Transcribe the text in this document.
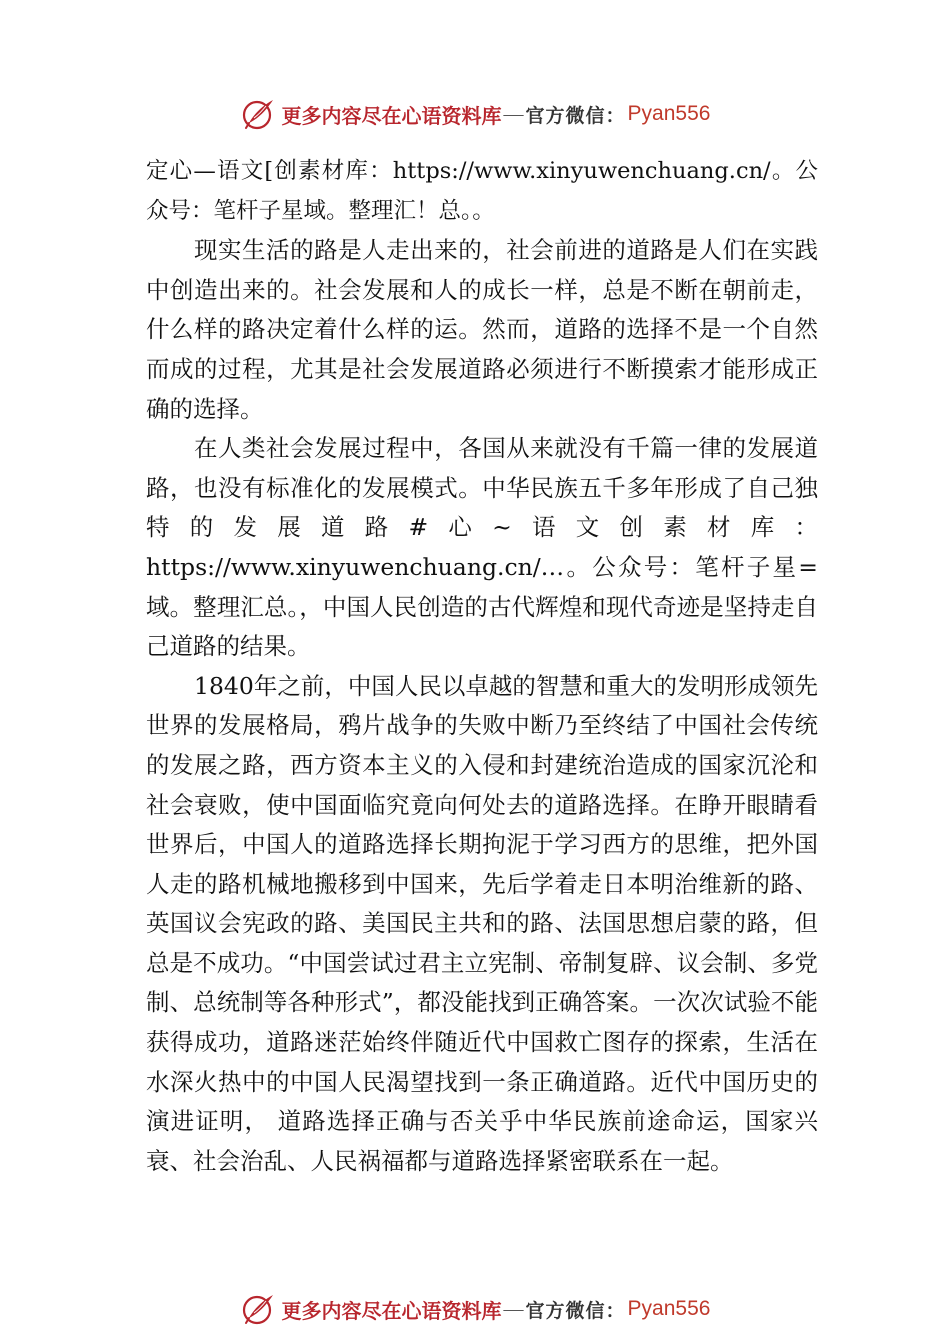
更多内容尽在心语资料库 — 官方微信： Pyan556

定心—语文[创素材库：https://www.xinyuwenchuang.cn/。公众号：笔杆子星域。整理汇！总。。

现实生活的路是人走出来的，社会前进的道路是人们在实践中创造出来的。社会发展和人的成长一样，总是不断在朝前走，什么样的路决定着什么样的运。然而，道路的选择不是一个自然而成的过程，尤其是社会发展道路必须进行不断摸索才能形成正确的选择。

在人类社会发展过程中，各国从来就没有千篇一律的发展道路，也没有标准化的发展模式。中华民族五千多年形成了自己独特的发展道路#心~语文创素材库：https://www.xinyuwenchuang.cn/…。公众号：笔杆子星=域。整理汇总。，中国人民创造的古代辉煌和现代奇迹是坚持走自己道路的结果。

1840年之前，中国人民以卓越的智慧和重大的发明形成领先世界的发展格局，鸦片战争的失败中断乃至终结了中国社会传统的发展之路，西方资本主义的入侵和封建统治造成的国家沉沦和社会衰败，使中国面临究竟向何处去的道路选择。在睁开眼睛看世界后，中国人的道路选择长期拘泥于学习西方的思维，把外国人走的路机械地搬移到中国来，先后学着走日本明治维新的路、英国议会宪政的路、美国民主共和的路、法国思想启蒙的路，但总是不成功。“中国尝试过君主立宪制、帝制复辟、议会制、多党制、总统制等各种形式”，都没能找到正确答案。一次次试验不能获得成功，道路迷茫始终伴随近代中国救亡图存的探索，生活在水深火热中的中国人民渴望找到一条正确道路。近代中国历史的演进证明， 道路选择正确与否关乎中华民族前途命运，国家兴衰、社会治乱、人民祸福都与道路选择紧密联系在一起。

更多内容尽在心语资料库 — 官方微信： Pyan556
